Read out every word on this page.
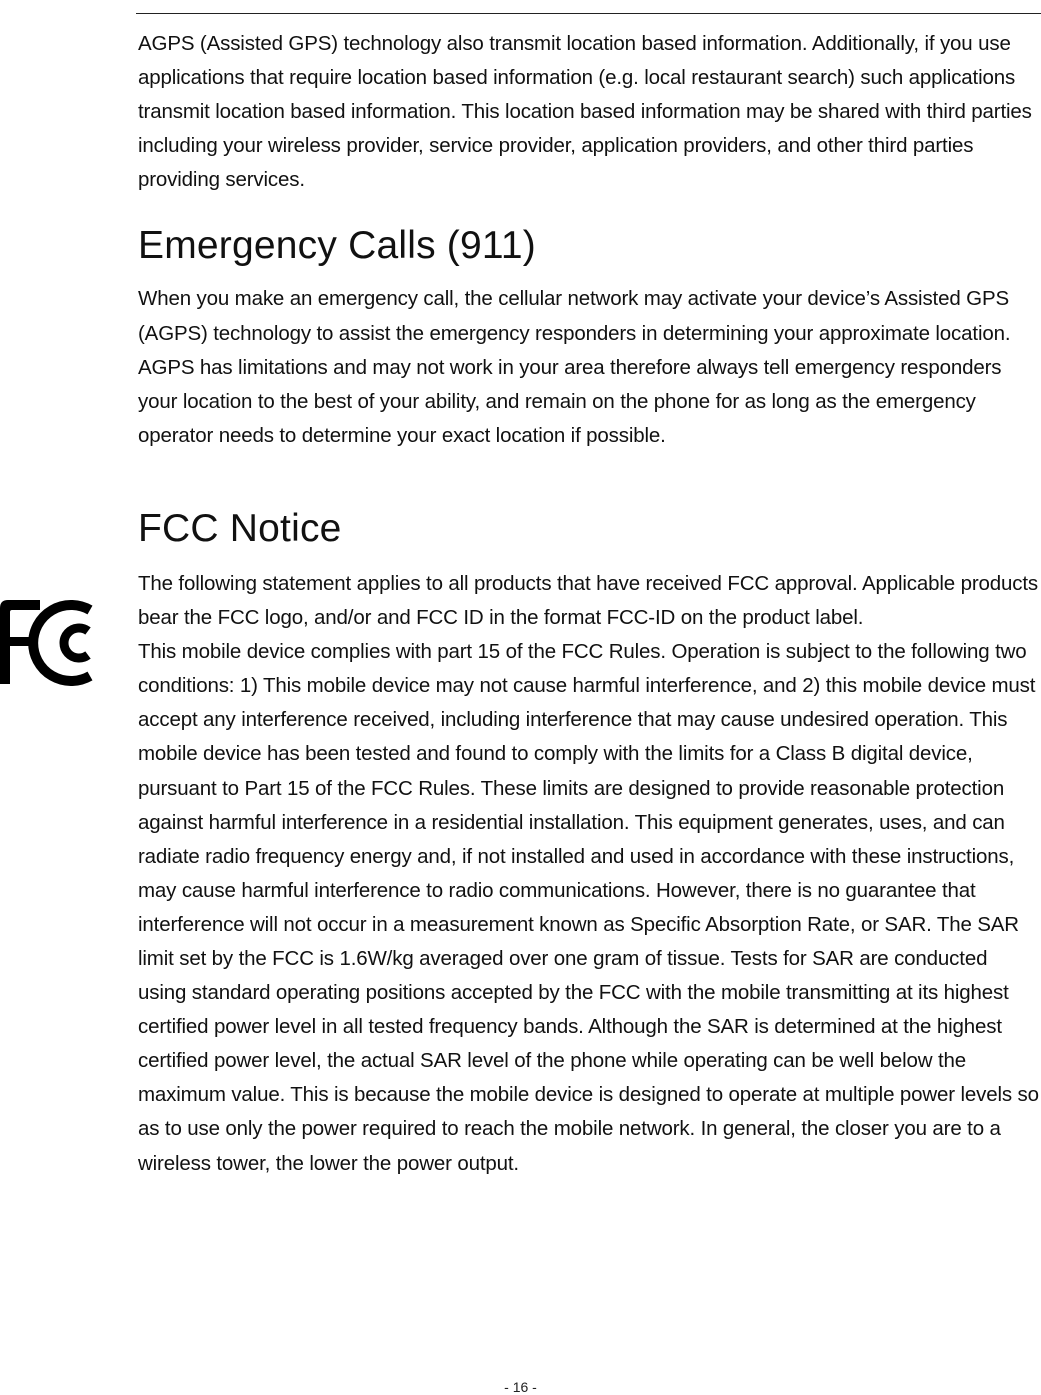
AGPS (Assisted GPS) technology also transmit location based information. Additionally, if you use applications that require location based information (e.g. local restaurant search) such applications transmit location based information. This location based information may be shared with third parties including your wireless provider, service provider, application providers, and other third parties providing services.

Emergency Calls (911)

When you make an emergency call, the cellular network may activate your device’s Assisted GPS (AGPS) technology to assist the emergency responders in determining your approximate location. AGPS has limitations and may not work in your area therefore always tell emergency responders your location to the best of your ability, and remain on the phone for as long as the emergency operator needs to determine your exact location if possible.

FCC Notice

The following statement applies to all products that have received FCC approval. Applicable products bear the FCC logo, and/or and FCC ID in the format FCC-ID on the product label.

This mobile device complies with part 15 of the FCC Rules. Operation is subject to the following two conditions: 1) This mobile device may not cause harmful interference, and 2) this mobile device must accept any interference received, including interference that may cause undesired operation. This mobile device has been tested and found to comply with the limits for a Class B digital device, pursuant to Part 15 of the FCC Rules. These limits are designed to provide reasonable protection against harmful interference in a residential installation. This equipment generates, uses, and can radiate radio frequency energy and, if not installed and used in accordance with these instructions, may cause harmful interference to radio communications. However, there is no guarantee that interference will not occur in a measurement known as Specific Absorption Rate, or SAR. The SAR limit set by the FCC is 1.6W/kg averaged over one gram of tissue. Tests for SAR are conducted using standard operating positions accepted by the FCC with the mobile transmitting at its highest certified power level in all tested frequency bands. Although the SAR is determined at the highest certified power level, the actual SAR level of the phone while operating can be well below the maximum value. This is because the mobile device is designed to operate at multiple power levels so as to use only the power required to reach the mobile network. In general, the closer you are to a wireless tower, the lower the power output.

- 16 -
